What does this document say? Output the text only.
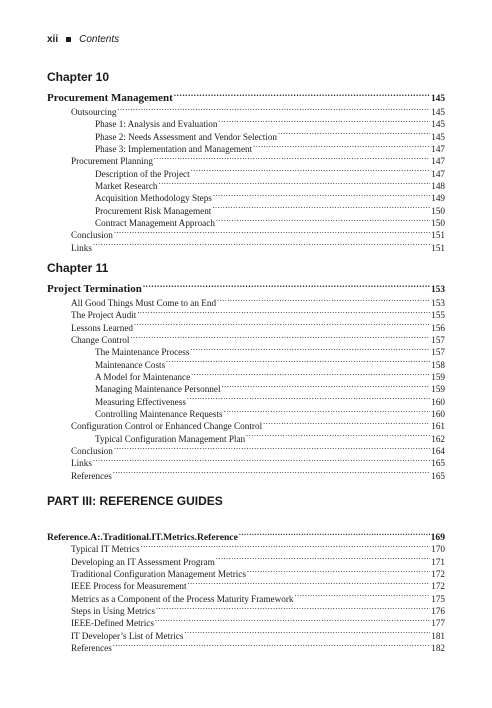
xii Contents
Chapter 10
Procurement Management .....	145
Outsourcing .....	145
Phase 1: Analysis and Evaluation .....	145
Phase 2: Needs Assessment and Vendor Selection .....	145
Phase 3: Implementation and Management .....	147
Procurement Planning .....	147
Description of the Project .....	147
Market Research .....	148
Acquisition Methodology Steps .....	149
Procurement Risk Management .....	150
Contract Management Approach .....	150
Conclusion .....	151
Links .....	151
Chapter 11
Project Termination .....	153
All Good Things Must Come to an End .....	153
The Project Audit .....	155
Lessons Learned .....	156
Change Control .....	157
The Maintenance Process .....	157
Maintenance Costs .....	158
A Model for Maintenance .....	159
Managing Maintenance Personnel .....	159
Measuring Effectiveness .....	160
Controlling Maintenance Requests .....	160
Configuration Control or Enhanced Change Control .....	161
Typical Configuration Management Plan .....	162
Conclusion .....	164
Links .....	165
References .....	165
PART III: REFERENCE GUIDES
Reference.A:.Traditional.IT.Metrics.Reference .....	169
Typical IT Metrics .....	170
Developing an IT Assessment Program .....	171
Traditional Configuration Management Metrics .....	172
IEEE Process for Measurement .....	172
Metrics as a Component of the Process Maturity Framework .....	175
Steps in Using Metrics .....	176
IEEE-Defined Metrics .....	177
IT Developer’s List of Metrics .....	181
References .....	182
